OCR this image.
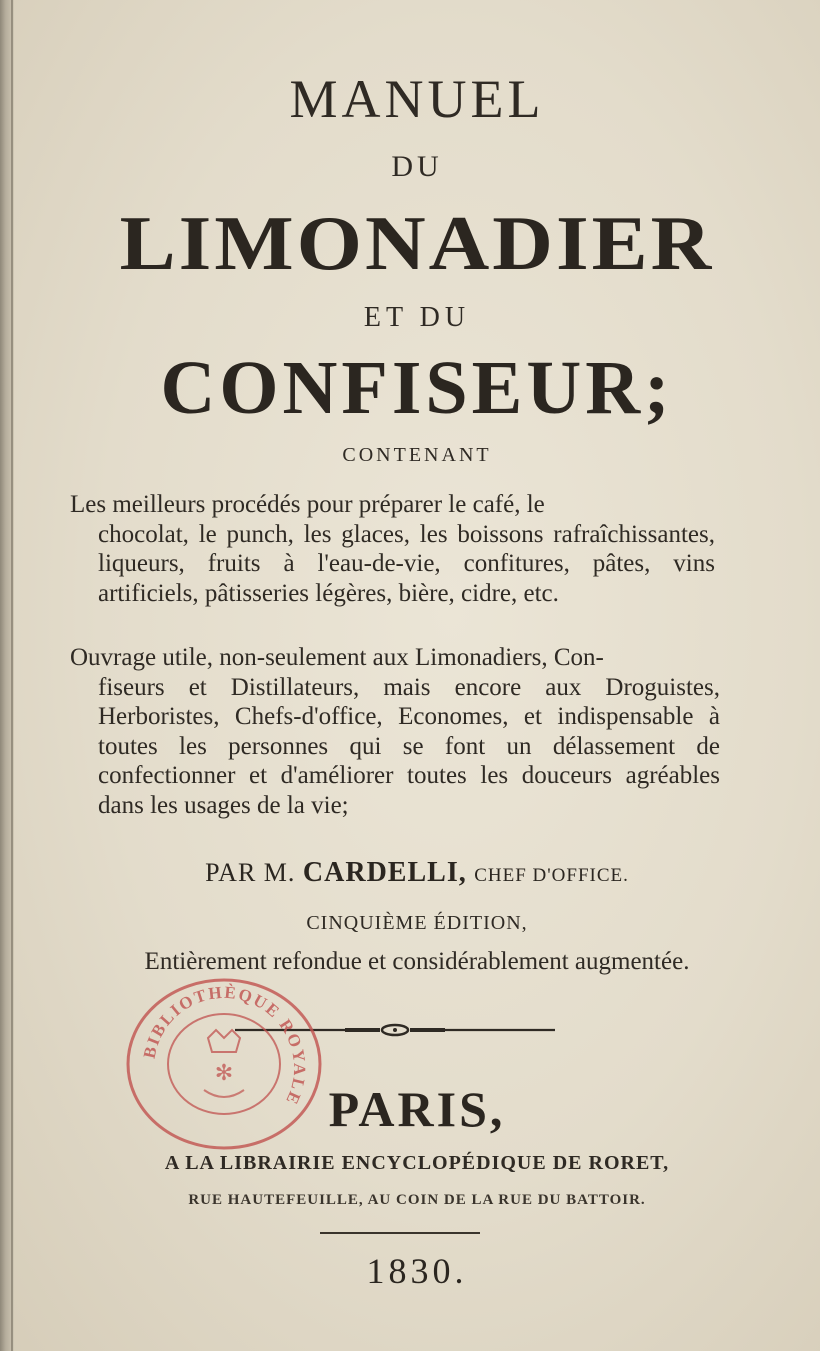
MANUEL
DU
LIMONADIER
ET DU
CONFISEUR;
CONTENANT
Les meilleurs procédés pour préparer le café, le
chocolat, le punch, les glaces, les boissons rafraîchissantes, liqueurs, fruits à l'eau-de-vie, confitures, pâtes, vins artificiels, pâtisseries légères, bière, cidre, etc.
Ouvrage utile, non-seulement aux Limonadiers, Con-
fiseurs et Distillateurs, mais encore aux Droguistes, Herboristes, Chefs-d'office, Economes, et indispensable à toutes les personnes qui se font un délassement de confectionner et d'améliorer toutes les douceurs agréables dans les usages de la vie;
PAR M. CARDELLI, CHEF D'OFFICE.
CINQUIÈME ÉDITION,
Entièrement refondue et considérablement augmentée.
PARIS,
A LA LIBRAIRIE ENCYCLOPÉDIQUE DE RORET,
RUE HAUTEFEUILLE, AU COIN DE LA RUE DU BATTOIR.
1830.
BIBLIOTHÈQUE ROYALE
✻
